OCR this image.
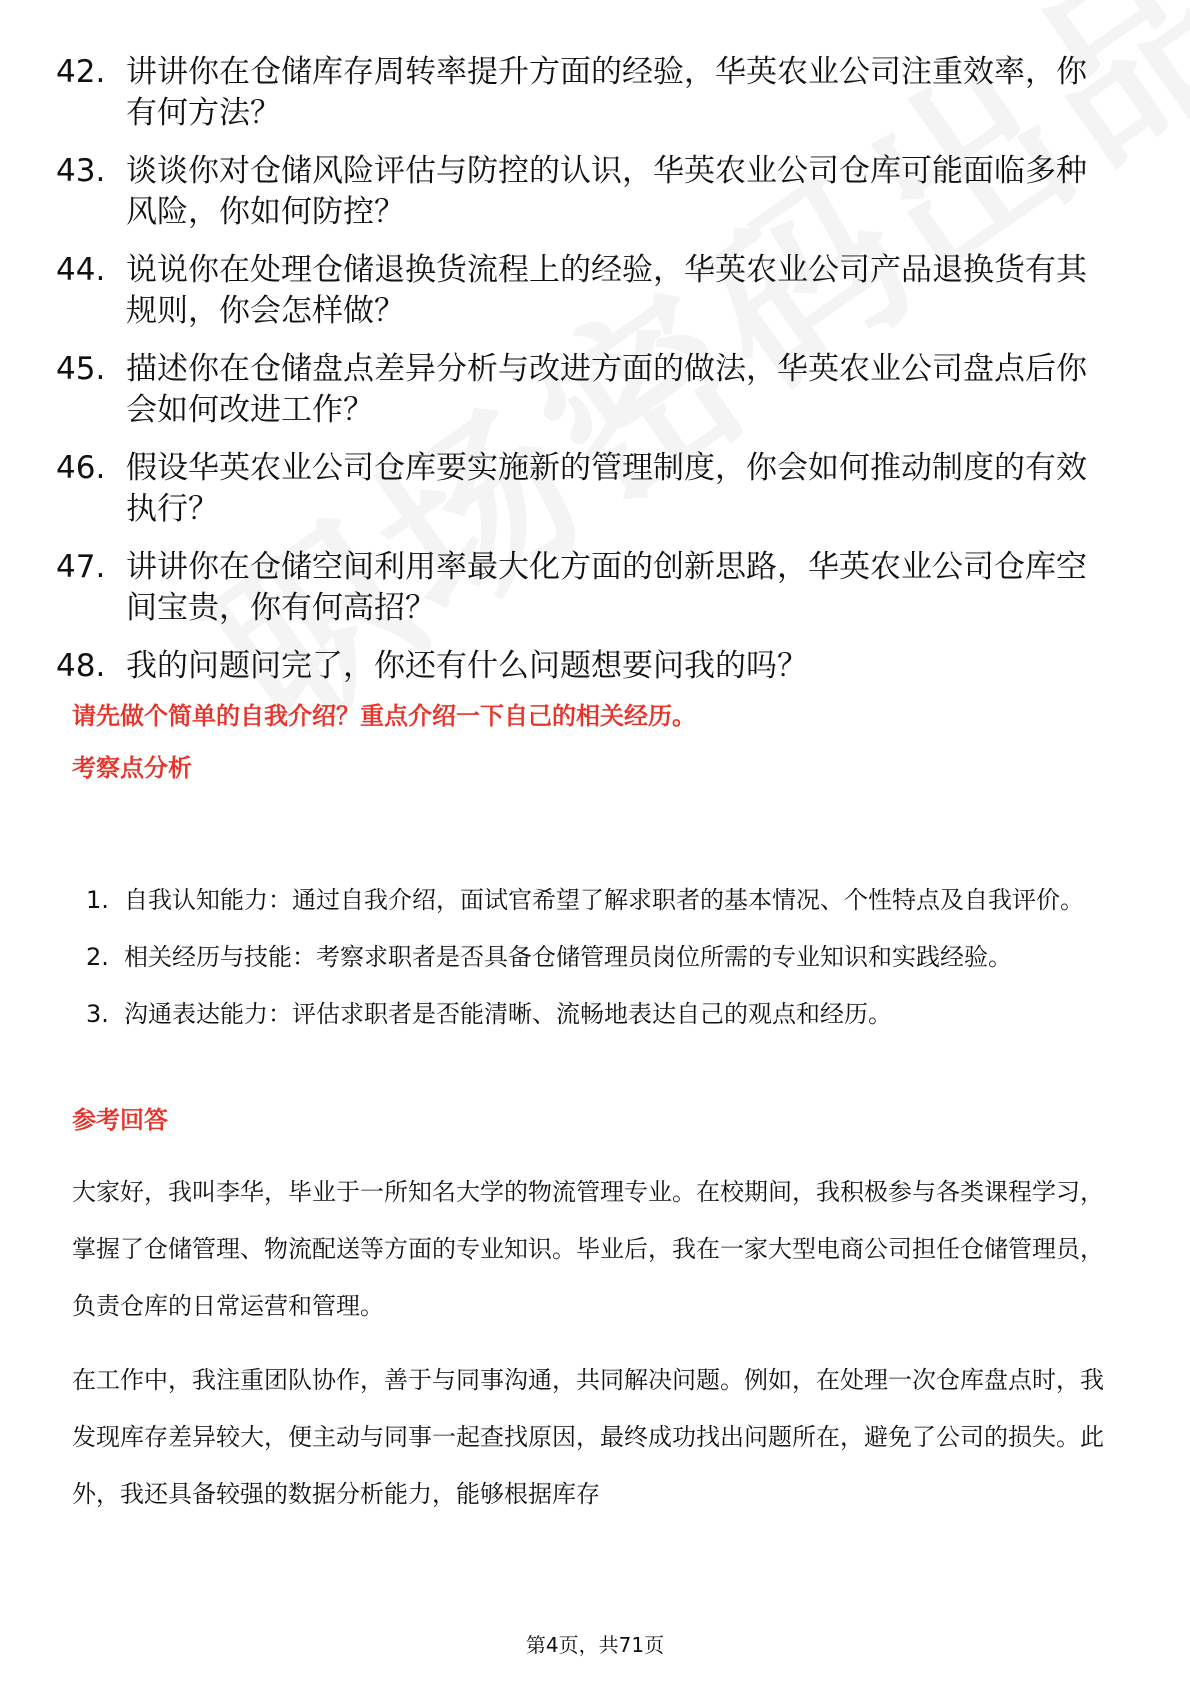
42. 讲讲你在仓储库存周转率提升方面的经验，华英农业公司注重效率，你有何方法？
43. 谈谈你对仓储风险评估与防控的认识，华英农业公司仓库可能面临多种风险，你如何防控？
44. 说说你在处理仓储退换货流程上的经验，华英农业公司产品退换货有其规则，你会怎样做？
45. 描述你在仓储盘点差异分析与改进方面的做法，华英农业公司盘点后你会如何改进工作？
46. 假设华英农业公司仓库要实施新的管理制度，你会如何推动制度的有效执行？
47. 讲讲你在仓储空间利用率最大化方面的创新思路，华英农业公司仓库空间宝贵，你有何高招？
48. 我的问题问完了，你还有什么问题想要问我的吗？
请先做个简单的自我介绍？重点介绍一下自己的相关经历。
考察点分析
1. 自我认知能力：通过自我介绍，面试官希望了解求职者的基本情况、个性特点及自我评价。
2. 相关经历与技能：考察求职者是否具备仓储管理员岗位所需的专业知识和实践经验。
3. 沟通表达能力：评估求职者是否能清晰、流畅地表达自己的观点和经历。
参考回答
大家好，我叫李华，毕业于一所知名大学的物流管理专业。在校期间，我积极参与各类课程学习，掌握了仓储管理、物流配送等方面的专业知识。毕业后，我在一家大型电商公司担任仓储管理员，负责仓库的日常运营和管理。
在工作中，我注重团队协作，善于与同事沟通，共同解决问题。例如，在处理一次仓库盘点时，我发现库存差异较大，便主动与同事一起查找原因，最终成功找出问题所在，避免了公司的损失。此外，我还具备较强的数据分析能力，能够根据库存
第4页，共71页
